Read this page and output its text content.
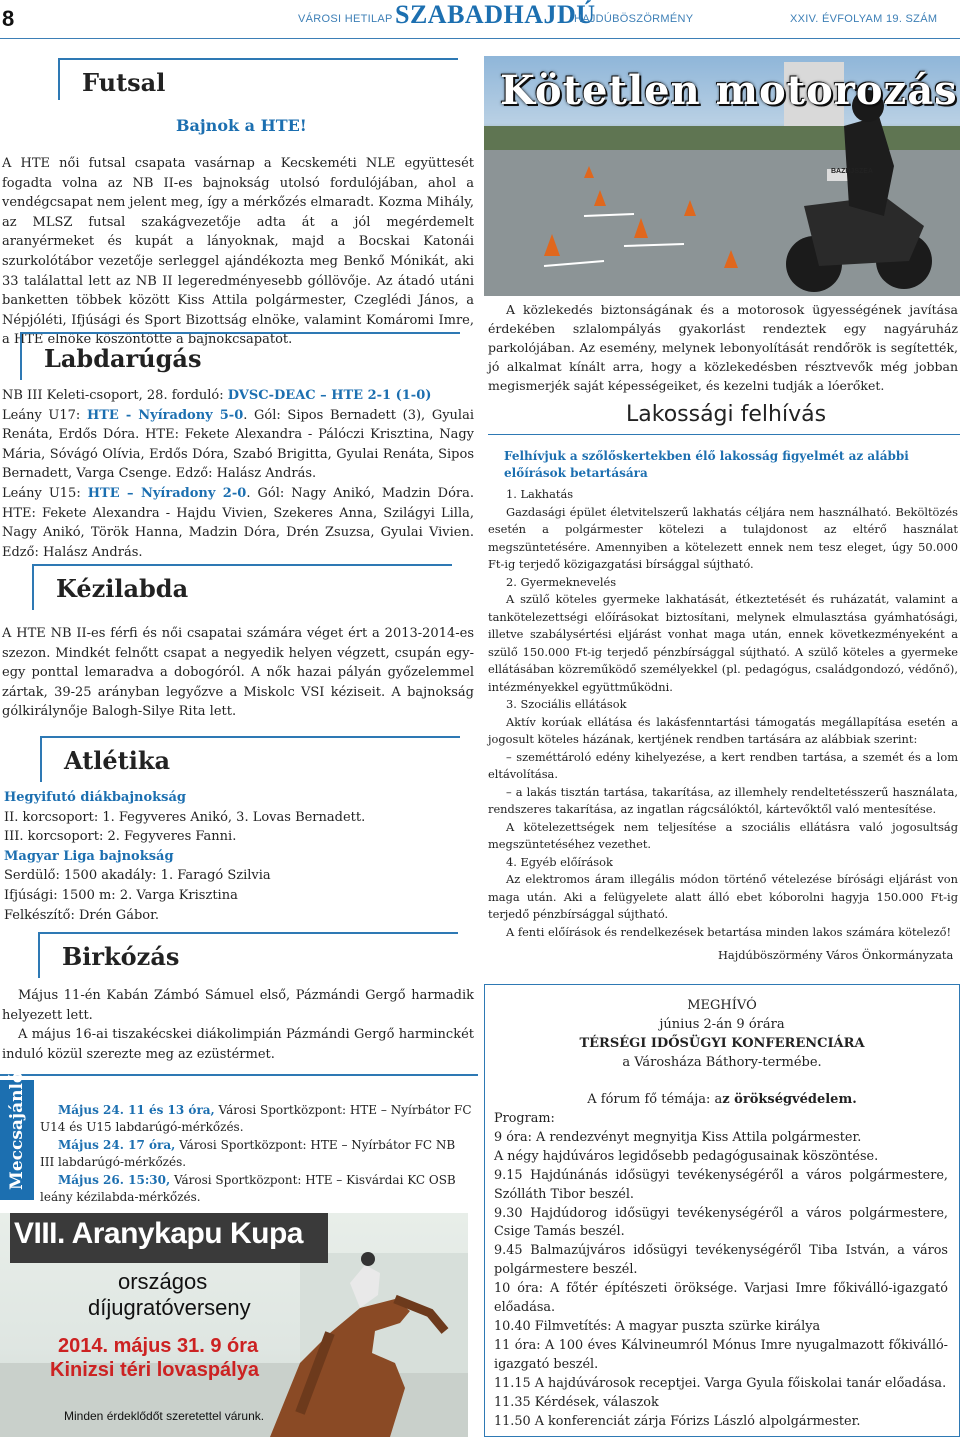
8	VÁROSI HETILAP SZABADHAJDÚ
HAJDÚBÖSZÖRMÉNY	XXIV. ÉVFOLYAM 19. SZÁM
Futsal
Bajnok a HTE!
A HTE női futsal csapata vasárnap a Kecskeméti NLE együttesét fogadta volna az NB II-es bajnokság utolsó fordulójában, ahol a vendégcsapat nem jelent meg, így a mérkőzés elmaradt. Kozma Mihály, az MLSZ futsal szakágvezetője adta át a jól megérdemelt aranyérmeket és kupát a lányoknak, majd a Bocskai Katonái szurkolótábor vezetője serleggel ajándékozta meg Benkő Mónikát, aki 33 találattal lett az NB II legeredményesebb góllövője. Az átadó utáni banketten többek között Kiss Attila polgármester, Czeglédi János, a Népjóléti, Ifjúsági és Sport Bizottság elnöke, valamint Komáromi Imre, a HTE elnöke köszöntötte a bajnokcsapatot.
Labdarúgás
NB III Keleti-csoport, 28. forduló: DVSC-DEAC – HTE 2-1 (1-0)
Leány U17: HTE - Nyíradony 5-0. Gól: Sipos Bernadett (3), Gyulai Renáta, Erdős Dóra. HTE: Fekete Alexandra - Pálóczi Krisztina, Nagy Mária, Sóvágó Olívia, Erdős Dóra, Szabó Brigitta, Gyulai Renáta, Sipos Bernadett, Varga Csenge. Edző: Halász András.
Leány U15: HTE – Nyíradony 2-0. Gól: Nagy Anikó, Madzin Dóra. HTE: Fekete Alexandra - Hajdu Vivien, Szekeres Anna, Szilágyi Lilla, Nagy Anikó, Török Hanna, Madzin Dóra, Drén Zsuzsa, Gyulai Vivien. Edző: Halász András.
Kézilabda
A HTE NB II-es férfi és női csapatai számára véget ért a 2013-2014-es szezon. Mindkét felnőtt csapat a negyedik helyen végzett, csupán egy-egy ponttal lemaradva a dobogóról. A nők hazai pályán győzelemmel zártak, 39-25 arányban legyőzve a Miskolc VSI kéziseit. A bajnokság gólkirálynője Balogh-Silye Rita lett.
Atlétika
Hegyifutó diákbajnokság
II. korcsoport: 1. Fegyveres Anikó, 3. Lovas Bernadett.
III. korcsoport: 2. Fegyveres Fanni.
Magyar Liga bajnokság
Serdülő: 1500 akadály: 1. Faragó Szilvia
Ifjúsági: 1500 m: 2. Varga Krisztina
Felkészítő: Drén Gábor.
Birkózás

Május 11-én Kabán Zámbó Sámuel első, Pázmándi Gergő harmadik helyezett lett.

A május 16-ai tiszakécskei diákolimpián Pázmándi Gergő harminckét induló közül szerezte meg az ezüstérmet.

Meccsajánló	Május 24. 11 és 13 óra, Városi Sportközpont: HTE – Nyírbátor FC U14 és U15 labdarúgó-mérkőzés.

Május 24. 17 óra, Városi Sportközpont: HTE – Nyírbátor FC NB III labdarúgó-mérkőzés.

Május 26. 15:30, Városi Sportközpont: HTE – Kisvárdai KC OSB leány kézilabda-mérkőzés.

VIII. Aranykapu Kupa
országos
díjugratóverseny
2014. május 31. 9 óra
Kinizsi téri lovaspálya
Minden érdeklődőt szeretettel várunk.
BAZRJSZEA
Kötetlen motorozás
A közlekedés biztonságának és a motorosok ügyességének javítása érdekében szlalompályás gyakorlást rendeztek egy nagyáruház parkolójában. Az esemény, melynek lebonyolítását rendőrök is segítették, jó alkalmat kínált arra, hogy a közlekedésben résztvevők még jobban megismerjék saját képességeiket, és kezelni tudják a lóerőket.
Lakossági felhívás
Felhívjuk a szőlőskertekben élő lakosság figyelmét az alábbi előírások betartására

1. Lakhatás

Gazdasági épület életvitelszerű lakhatás céljára nem használható. Beköltözés esetén a polgármester kötelezi a tulajdonost az eltérő használat megszüntetésére. Amennyiben a kötelezett ennek nem tesz eleget, úgy 50.000 Ft-ig terjedő közigazgatási bírsággal sújtható.

2. Gyermeknevelés

A szülő köteles gyermeke lakhatását, étkeztetését és ruházatát, valamint a tankötelezettségi előírásokat biztosítani, melynek elmulasztása gyámhatósági, illetve szabálysértési eljárást vonhat maga után, ennek következményeként a szülő 150.000 Ft-ig terjedő pénzbírsággal sújtható. A szülő köteles a gyermeke ellátásában közreműködő személyekkel (pl. pedagógus, családgondozó, védőnő), intézményekkel együttműködni.

3. Szociális ellátások

Aktív korúak ellátása és lakásfenntartási támogatás megállapítása esetén a jogosult köteles házának, kertjének rendben tartására az alábbiak szerint:

– szeméttároló edény kihelyezése, a kert rendben tartása, a szemét és a lom eltávolítása.

– a lakás tisztán tartása, takarítása, az illemhely rendeltetésszerű használata, rendszeres takarítása, az ingatlan rágcsálóktól, kártevőktől való mentesítése.

A kötelezettségek nem teljesítése a szociális ellátásra való jogosultság megszüntetéséhez vezethet.

4. Egyéb előírások

Az elektromos áram illegális módon történő vételezése bírósági eljárást von maga után. Aki a felügyelete alatt álló ebet kóborolni hagyja 150.000 Ft-ig terjedő pénzbírsággal sújtható.

A fenti előírások és rendelkezések betartása minden lakos számára kötelező!

Hajdúböszörmény Város Önkormányzata
MEGHÍVÓ
június 2-án 9 órára
TÉRSÉGI IDŐSÜGYI KONFERENCIÁRA
a Városháza Báthory-termébe.
A fórum fő témája: az örökségvédelem.

Program:

9 óra: A rendezvényt megnyitja Kiss Attila polgármester.

A négy hajdúváros legidősebb pedagógusainak köszöntése.

9.15 Hajdúnánás idősügyi tevékenységéről a város polgármestere, Szólláth Tibor beszél.

9.30 Hajdúdorog idősügyi tevékenységéről a város polgármestere, Csige Tamás beszél.

9.45 Balmazújváros idősügyi tevékenységéről Tiba István, a város polgármestere beszél.

10 óra: A főtér építészeti öröksége. Varjasi Imre főkiválló-igazgató előadása.

10.40 Filmvetítés: A magyar puszta szürke királya

11 óra: A 100 éves Kálvineumról Mónus Imre nyugalmazott főkiválló-igazgató beszél.

11.15 A hajdúvárosok receptjei. Varga Gyula főiskolai tanár előadása.

11.35 Kérdések, válaszok

11.50 A konferenciát zárja Fórizs László alpolgármester.
